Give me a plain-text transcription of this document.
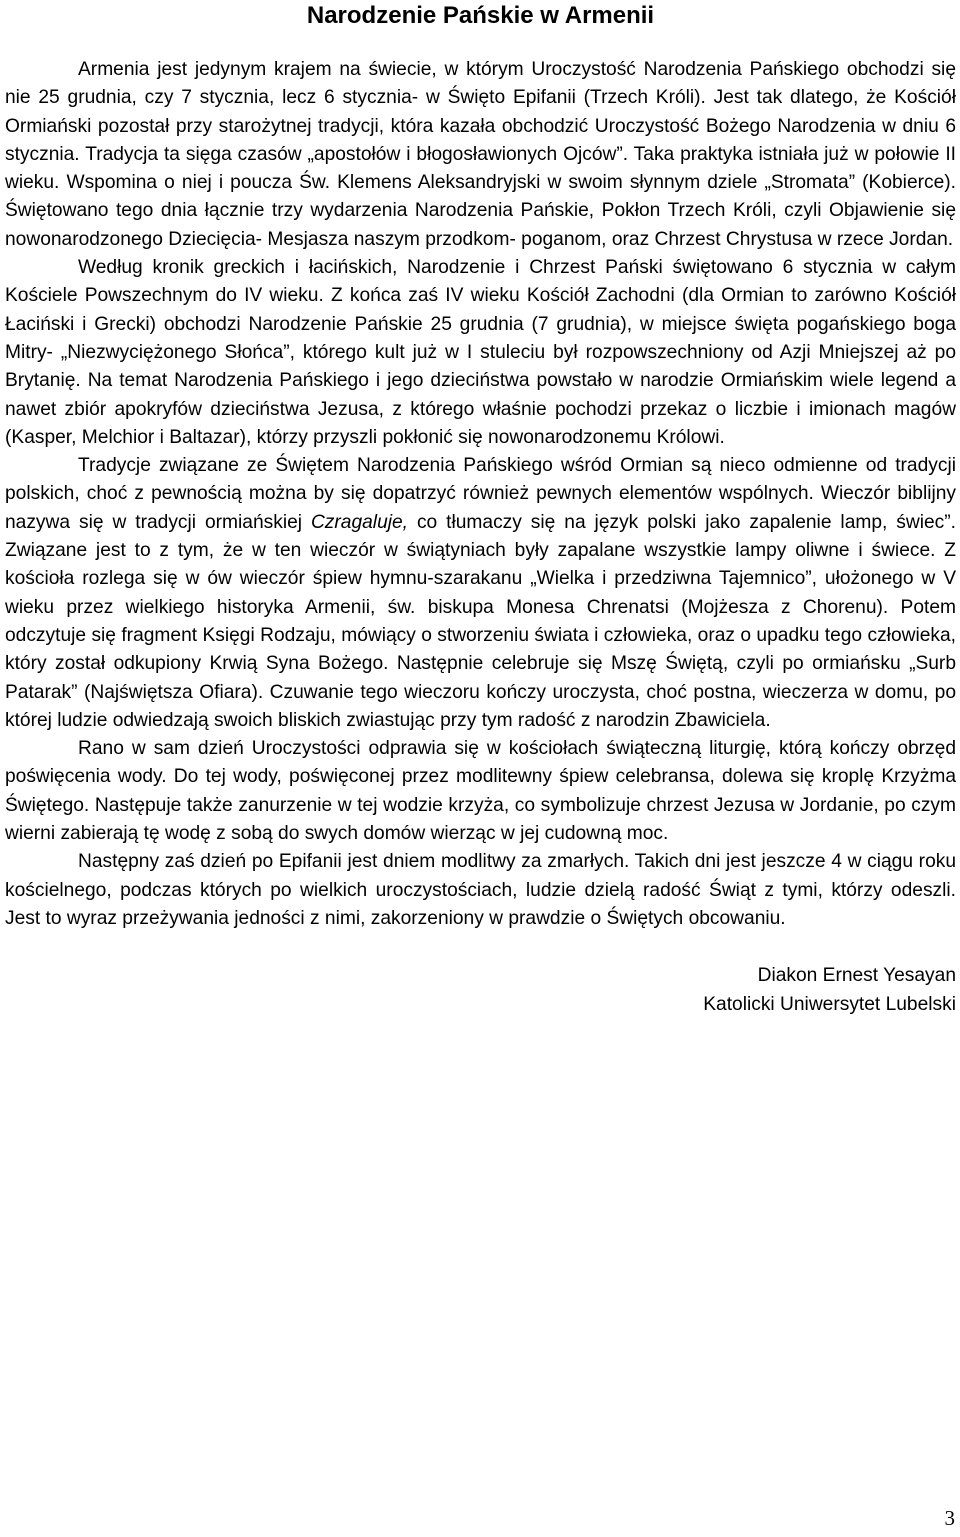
Narodzenie Pańskie w Armenii

Armenia jest jedynym krajem na świecie, w którym Uroczystość Narodzenia Pańskiego obchodzi się nie 25 grudnia, czy 7 stycznia, lecz 6 stycznia- w Święto Epifanii (Trzech Króli). Jest tak dlatego, że Kościół Ormiański pozostał przy starożytnej tradycji, która kazała obchodzić Uroczystość Bożego Narodzenia w dniu 6 stycznia. Tradycja ta sięga czasów „apostołów i błogosławionych Ojców”. Taka praktyka istniała już w połowie II wieku. Wspomina o niej i poucza Św. Klemens Aleksandryjski w swoim słynnym dziele „Stromata” (Kobierce). Świętowano tego dnia łącznie trzy wydarzenia Narodzenia Pańskie, Pokłon Trzech Króli, czyli Objawienie się nowonarodzonego Dziecięcia- Mesjasza naszym przodkom- poganom, oraz Chrzest Chrystusa w rzece Jordan.

Według kronik greckich i łacińskich, Narodzenie i Chrzest Pański świętowano 6 stycznia w całym Kościele Powszechnym do IV wieku. Z końca zaś IV wieku Kościół Zachodni (dla Ormian to zarówno Kościół Łaciński i Grecki) obchodzi Narodzenie Pańskie 25 grudnia (7 grudnia), w miejsce święta pogańskiego boga Mitry- „Niezwyciężonego Słońca”, którego kult już w I stuleciu był rozpowszechniony od Azji Mniejszej aż po Brytanię. Na temat Narodzenia Pańskiego i jego dzieciństwa powstało w narodzie Ormiańskim wiele legend a nawet zbiór apokryfów dzieciństwa Jezusa, z którego właśnie pochodzi przekaz o liczbie i imionach magów (Kasper, Melchior i Baltazar), którzy przyszli pokłonić się nowonarodzonemu Królowi.

Tradycje związane ze Świętem Narodzenia Pańskiego wśród Ormian są nieco odmienne od tradycji polskich, choć z pewnością można by się dopatrzyć również pewnych elementów wspólnych. Wieczór biblijny nazywa się w tradycji ormiańskiej Czragaluje, co tłumaczy się na język polski jako zapalenie lamp, świec”. Związane jest to z tym, że w ten wieczór w świątyniach były zapalane wszystkie lampy oliwne i świece. Z kościoła rozlega się w ów wieczór śpiew hymnu-szarakanu „Wielka i przedziwna Tajemnico”, ułożonego w V wieku przez wielkiego historyka Armenii, św. biskupa Monesa Chrenatsi (Mojżesza z Chorenu). Potem odczytuje się fragment Księgi Rodzaju, mówiący o stworzeniu świata i człowieka, oraz o upadku tego człowieka, który został odkupiony Krwią Syna Bożego. Następnie celebruje się Mszę Świętą, czyli po ormiańsku „Surb Patarak” (Najświętsza Ofiara). Czuwanie tego wieczoru kończy uroczysta, choć postna, wieczerza w domu, po której ludzie odwiedzają swoich bliskich zwiastując przy tym radość z narodzin Zbawiciela.

Rano w sam dzień Uroczystości odprawia się w kościołach świąteczną liturgię, którą kończy obrzęd poświęcenia wody. Do tej wody, poświęconej przez modlitewny śpiew celebransa, dolewa się kroplę Krzyżma Świętego. Następuje także zanurzenie w tej wodzie krzyża, co symbolizuje chrzest Jezusa w Jordanie, po czym wierni zabierają tę wodę z sobą do swych domów wierząc w jej cudowną moc.

Następny zaś dzień po Epifanii jest dniem modlitwy za zmarłych. Takich dni jest jeszcze 4 w ciągu roku kościelnego, podczas których po wielkich uroczystościach, ludzie dzielą radość Świąt z tymi, którzy odeszli. Jest to wyraz przeżywania jedności z nimi, zakorzeniony w prawdzie o Świętych obcowaniu.

Diakon Ernest Yesayan
Katolicki Uniwersytet Lubelski
3
